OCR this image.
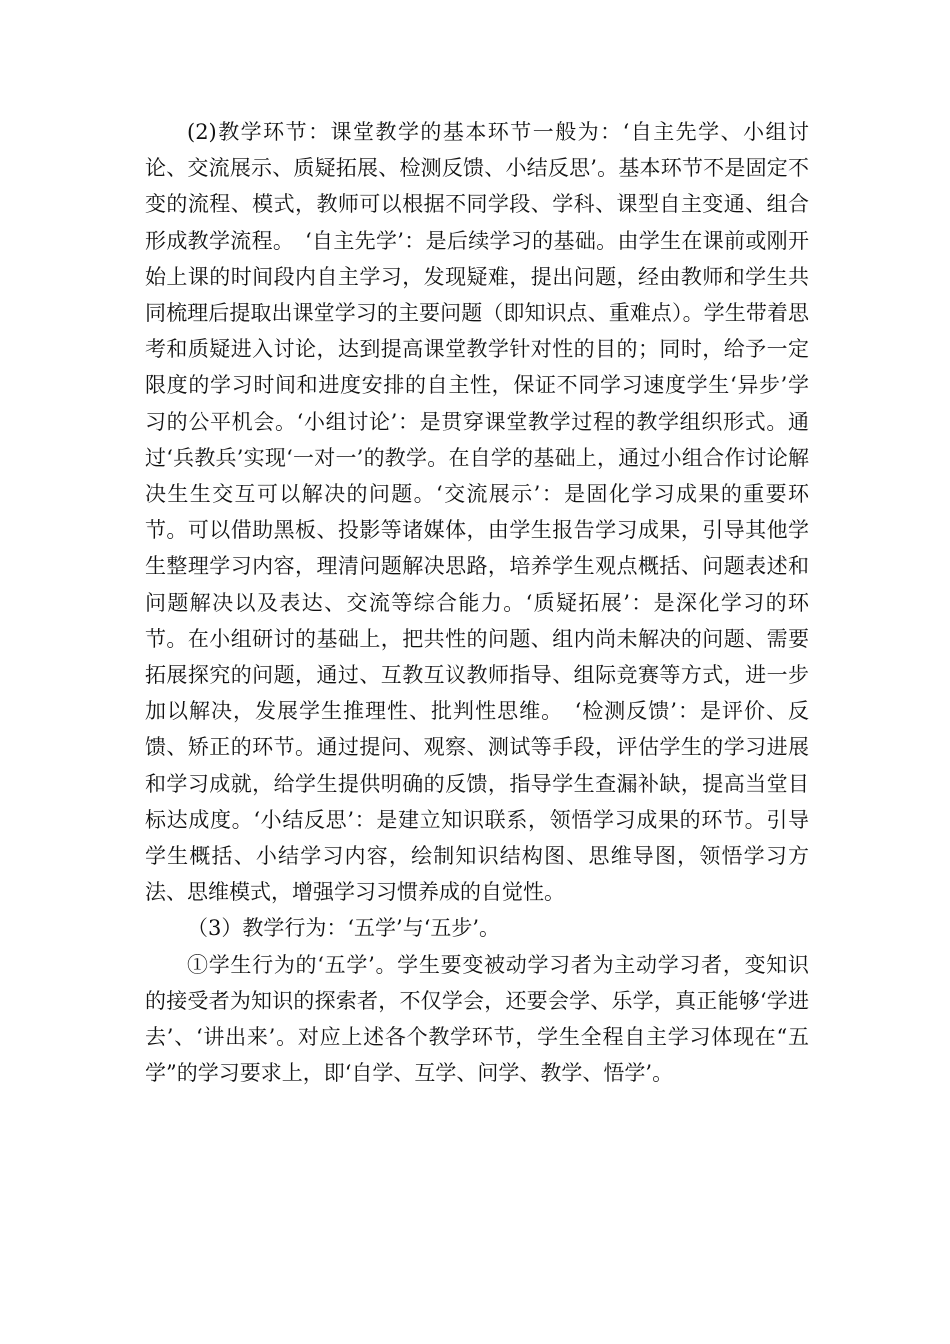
(2)教学环节：课堂教学的基本环节一般为：‘自主先学、小组讨论、交流展示、质疑拓展、检测反馈、小结反思’。基本环节不是固定不变的流程、模式，教师可以根据不同学段、学科、课型自主变通、组合形成教学流程。　‘自主先学’：是后续学习的基础。由学生在课前或刚开始上课的时间段内自主学习，发现疑难，提出问题，经由教师和学生共同梳理后提取出课堂学习的主要问题（即知识点、重难点）。学生带着思考和质疑进入讨论，达到提高课堂教学针对性的目的；同时，给予一定限度的学习时间和进度安排的自主性，保证不同学习速度学生‘异步’学习的公平机会。‘小组讨论’：是贯穿课堂教学过程的教学组织形式。通过‘兵教兵’实现‘一对一’的教学。在自学的基础上，通过小组合作讨论解决生生交互可以解决的问题。‘交流展示’：是固化学习成果的重要环节。可以借助黑板、投影等诸媒体，由学生报告学习成果，引导其他学生整理学习内容，理清问题解决思路，培养学生观点概括、问题表述和问题解决以及表达、交流等综合能力。‘质疑拓展’：是深化学习的环节。在小组研讨的基础上，把共性的问题、组内尚未解决的问题、需要拓展探究的问题，通过、互教互议教师指导、组际竞赛等方式，进一步加以解决，发展学生推理性、批判性思维。　‘检测反馈’：是评价、反馈、矫正的环节。通过提问、观察、测试等手段，评估学生的学习进展和学习成就，给学生提供明确的反馈，指导学生查漏补缺，提高当堂目标达成度。‘小结反思’：是建立知识联系，领悟学习成果的环节。引导学生概括、小结学习内容，绘制知识结构图、思维导图，领悟学习方法、思维模式，增强学习习惯养成的自觉性。

（3）教学行为：‘五学’与‘五步’。

①学生行为的‘五学’。学生要变被动学习者为主动学习者，变知识的接受者为知识的探索者，不仅学会，还要会学、乐学，真正能够‘学进去’、‘讲出来’。对应上述各个教学环节，学生全程自主学习体现在“五学”的学习要求上，即‘自学、互学、问学、教学、悟学’。
